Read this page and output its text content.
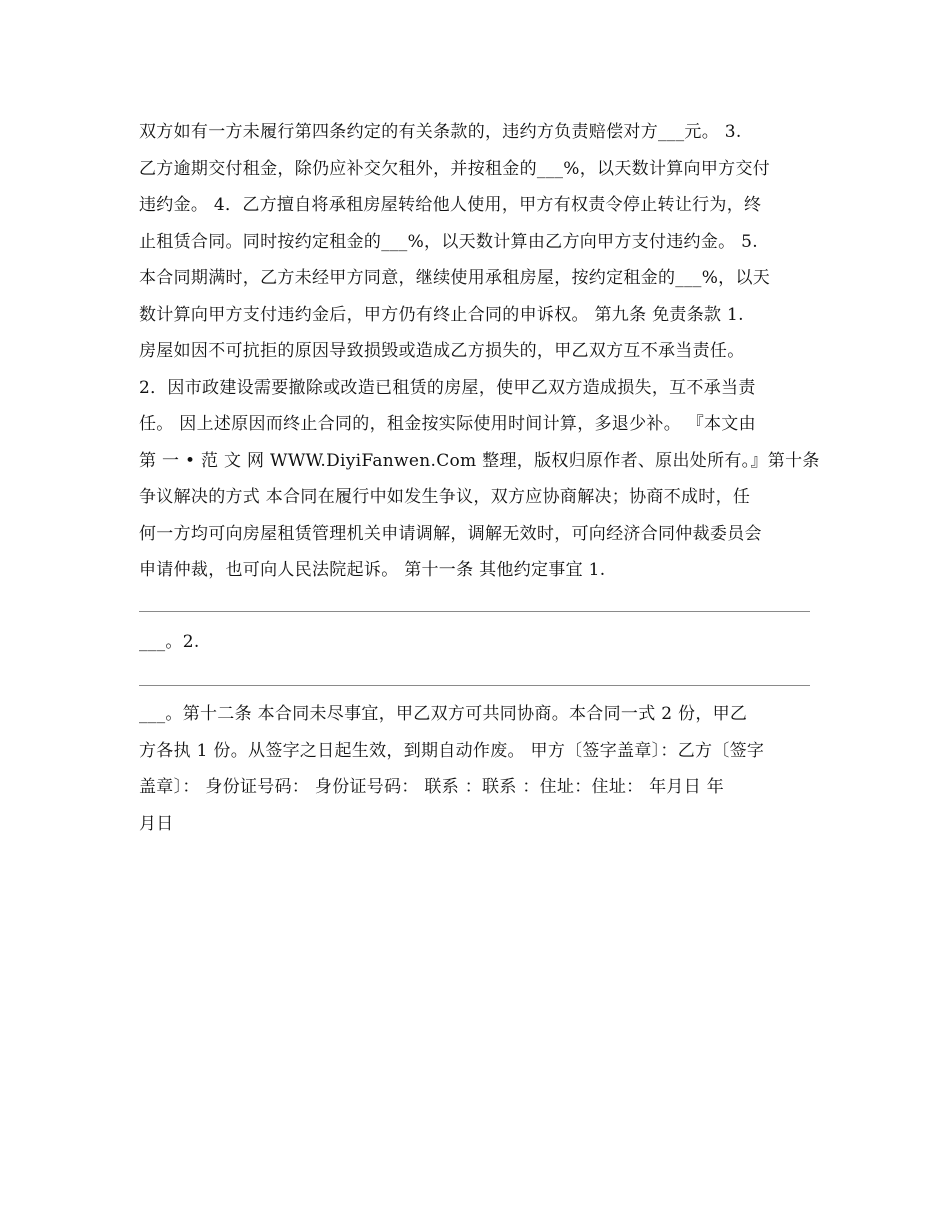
双方如有一方未履行第四条约定的有关条款的，违约方负责赔偿对方___元。 3.
乙方逾期交付租金，除仍应补交欠租外，并按租金的___%，以天数计算向甲方交付
违约金。 4．乙方擅自将承租房屋转给他人使用，甲方有权责令停止转让行为，终
止租赁合同。同时按约定租金的___%，以天数计算由乙方向甲方支付违约金。 5.
本合同期满时，乙方未经甲方同意，继续使用承租房屋，按约定租金的___%，以天
数计算向甲方支付违约金后，甲方仍有终止合同的申诉权。 第九条 免责条款 1.
房屋如因不可抗拒的原因导致损毁或造成乙方损失的，甲乙双方互不承当责任。
2．因市政建设需要撤除或改造已租赁的房屋，使甲乙双方造成损失，互不承当责
任。 因上述原因而终止合同的，租金按实际使用时间计算，多退少补。 『本文由
第 一 • 范 文 网 WWW.DiyiFanwen.Com 整理，版权归原作者、原出处所有。』第十条
争议解决的方式 本合同在履行中如发生争议，双方应协商解决；协商不成时，任
何一方均可向房屋租赁管理机关申请调解，调解无效时，可向经济合同仲裁委员会
申请仲裁，也可向人民法院起诉。 第十一条 其他约定事宜 1.
___。2.
___。第十二条 本合同未尽事宜，甲乙双方可共同协商。本合同一式 2 份，甲乙
方各执 1 份。从签字之日起生效，到期自动作废。 甲方〔签字盖章〕：乙方〔签字
盖章〕： 身份证号码： 身份证号码： 联系 ：联系 ：住址：住址： 年月日 年
月日
